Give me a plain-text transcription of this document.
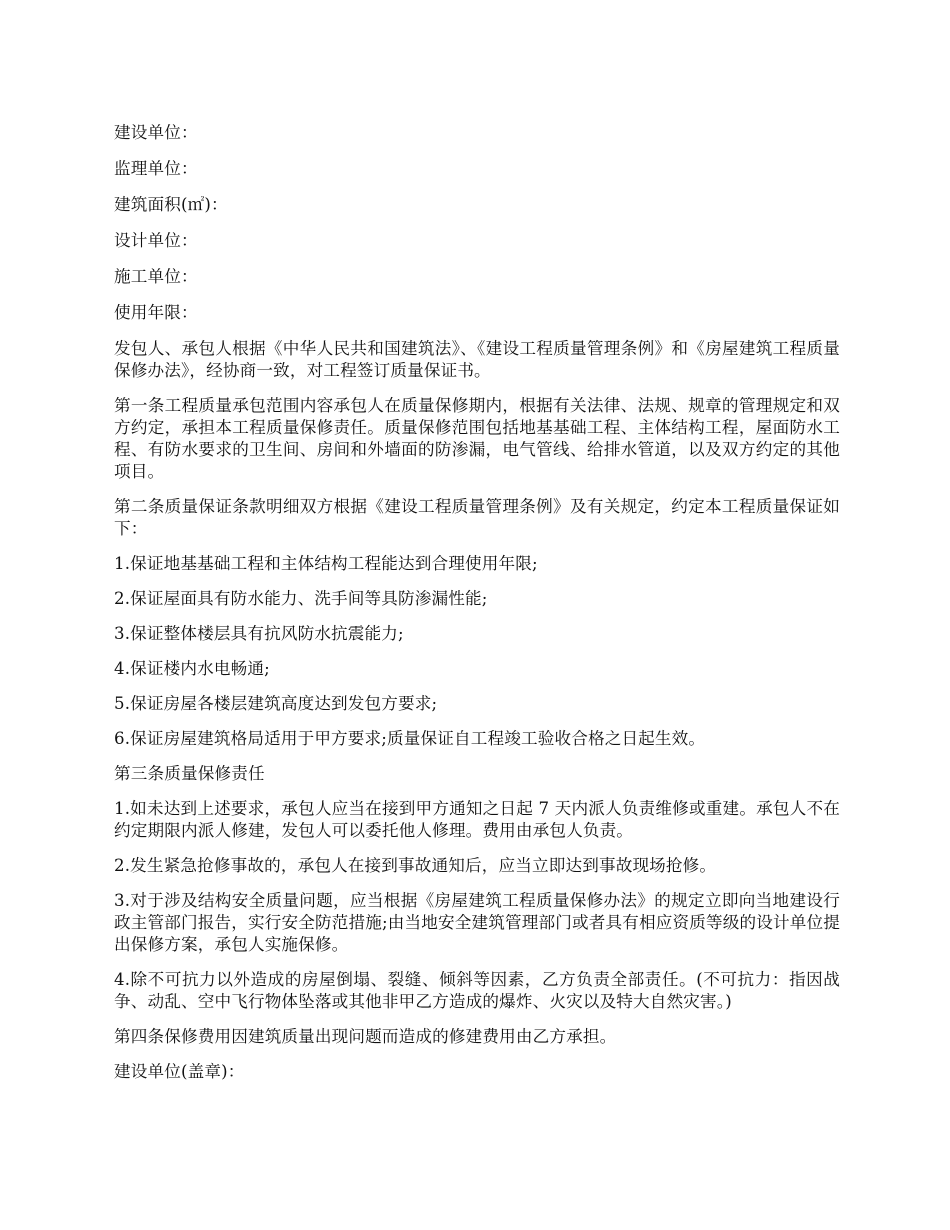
建设单位：

监理单位：

建筑面积(㎡)：

设计单位：

施工单位：

使用年限：

发包人、承包人根据《中华人民共和国建筑法》、《建设工程质量管理条例》和《房屋建筑工程质量保修办法》，经协商一致，对工程签订质量保证书。

第一条工程质量承包范围内容承包人在质量保修期内，根据有关法律、法规、规章的管理规定和双方约定，承担本工程质量保修责任。质量保修范围包括地基基础工程、主体结构工程，屋面防水工程、有防水要求的卫生间、房间和外墙面的防渗漏，电气管线、给排水管道，以及双方约定的其他项目。

第二条质量保证条款明细双方根据《建设工程质量管理条例》及有关规定，约定本工程质量保证如下：

1.保证地基基础工程和主体结构工程能达到合理使用年限;

2.保证屋面具有防水能力、洗手间等具防渗漏性能;

3.保证整体楼层具有抗风防水抗震能力;

4.保证楼内水电畅通;

5.保证房屋各楼层建筑高度达到发包方要求;

6.保证房屋建筑格局适用于甲方要求;质量保证自工程竣工验收合格之日起生效。

第三条质量保修责任

1.如未达到上述要求，承包人应当在接到甲方通知之日起 7 天内派人负责维修或重建。承包人不在约定期限内派人修建，发包人可以委托他人修理。费用由承包人负责。

2.发生紧急抢修事故的，承包人在接到事故通知后，应当立即达到事故现场抢修。

3.对于涉及结构安全质量问题，应当根据《房屋建筑工程质量保修办法》的规定立即向当地建设行政主管部门报告，实行安全防范措施;由当地安全建筑管理部门或者具有相应资质等级的设计单位提出保修方案，承包人实施保修。

4.除不可抗力以外造成的房屋倒塌、裂缝、倾斜等因素，乙方负责全部责任。(不可抗力：指因战争、动乱、空中飞行物体坠落或其他非甲乙方造成的爆炸、火灾以及特大自然灾害。)

第四条保修费用因建筑质量出现问题而造成的修建费用由乙方承担。

建设单位(盖章)：
